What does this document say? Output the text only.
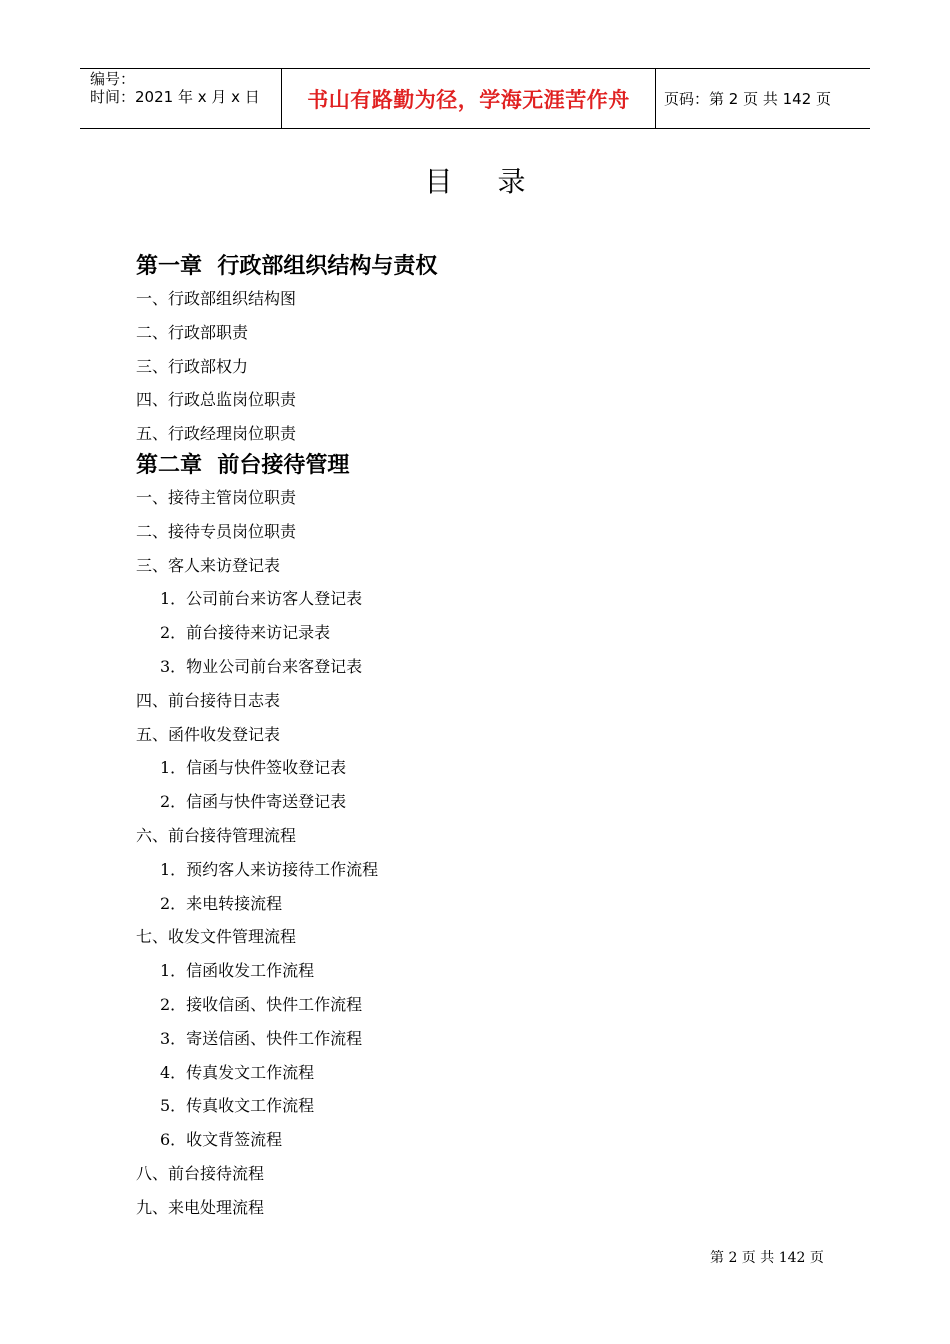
编号：
时间：2021 年 x 月 x 日	书山有路勤为径，学海无涯苦作舟	页码：第 2 页 共 142 页
目 录
第一章  行政部组织结构与责权
一、行政部组织结构图
二、行政部职责
三、行政部权力
四、行政总监岗位职责
五、行政经理岗位职责
第二章  前台接待管理
一、接待主管岗位职责
二、接待专员岗位职责
三、客人来访登记表
1．公司前台来访客人登记表
2．前台接待来访记录表
3．物业公司前台来客登记表
四、前台接待日志表
五、函件收发登记表
1．信函与快件签收登记表
2．信函与快件寄送登记表
六、前台接待管理流程
1．预约客人来访接待工作流程
2．来电转接流程
七、收发文件管理流程
1．信函收发工作流程
2．接收信函、快件工作流程
3．寄送信函、快件工作流程
4．传真发文工作流程
5．传真收文工作流程
6．收文背签流程
八、前台接待流程
九、来电处理流程
第 2 页 共 142 页
